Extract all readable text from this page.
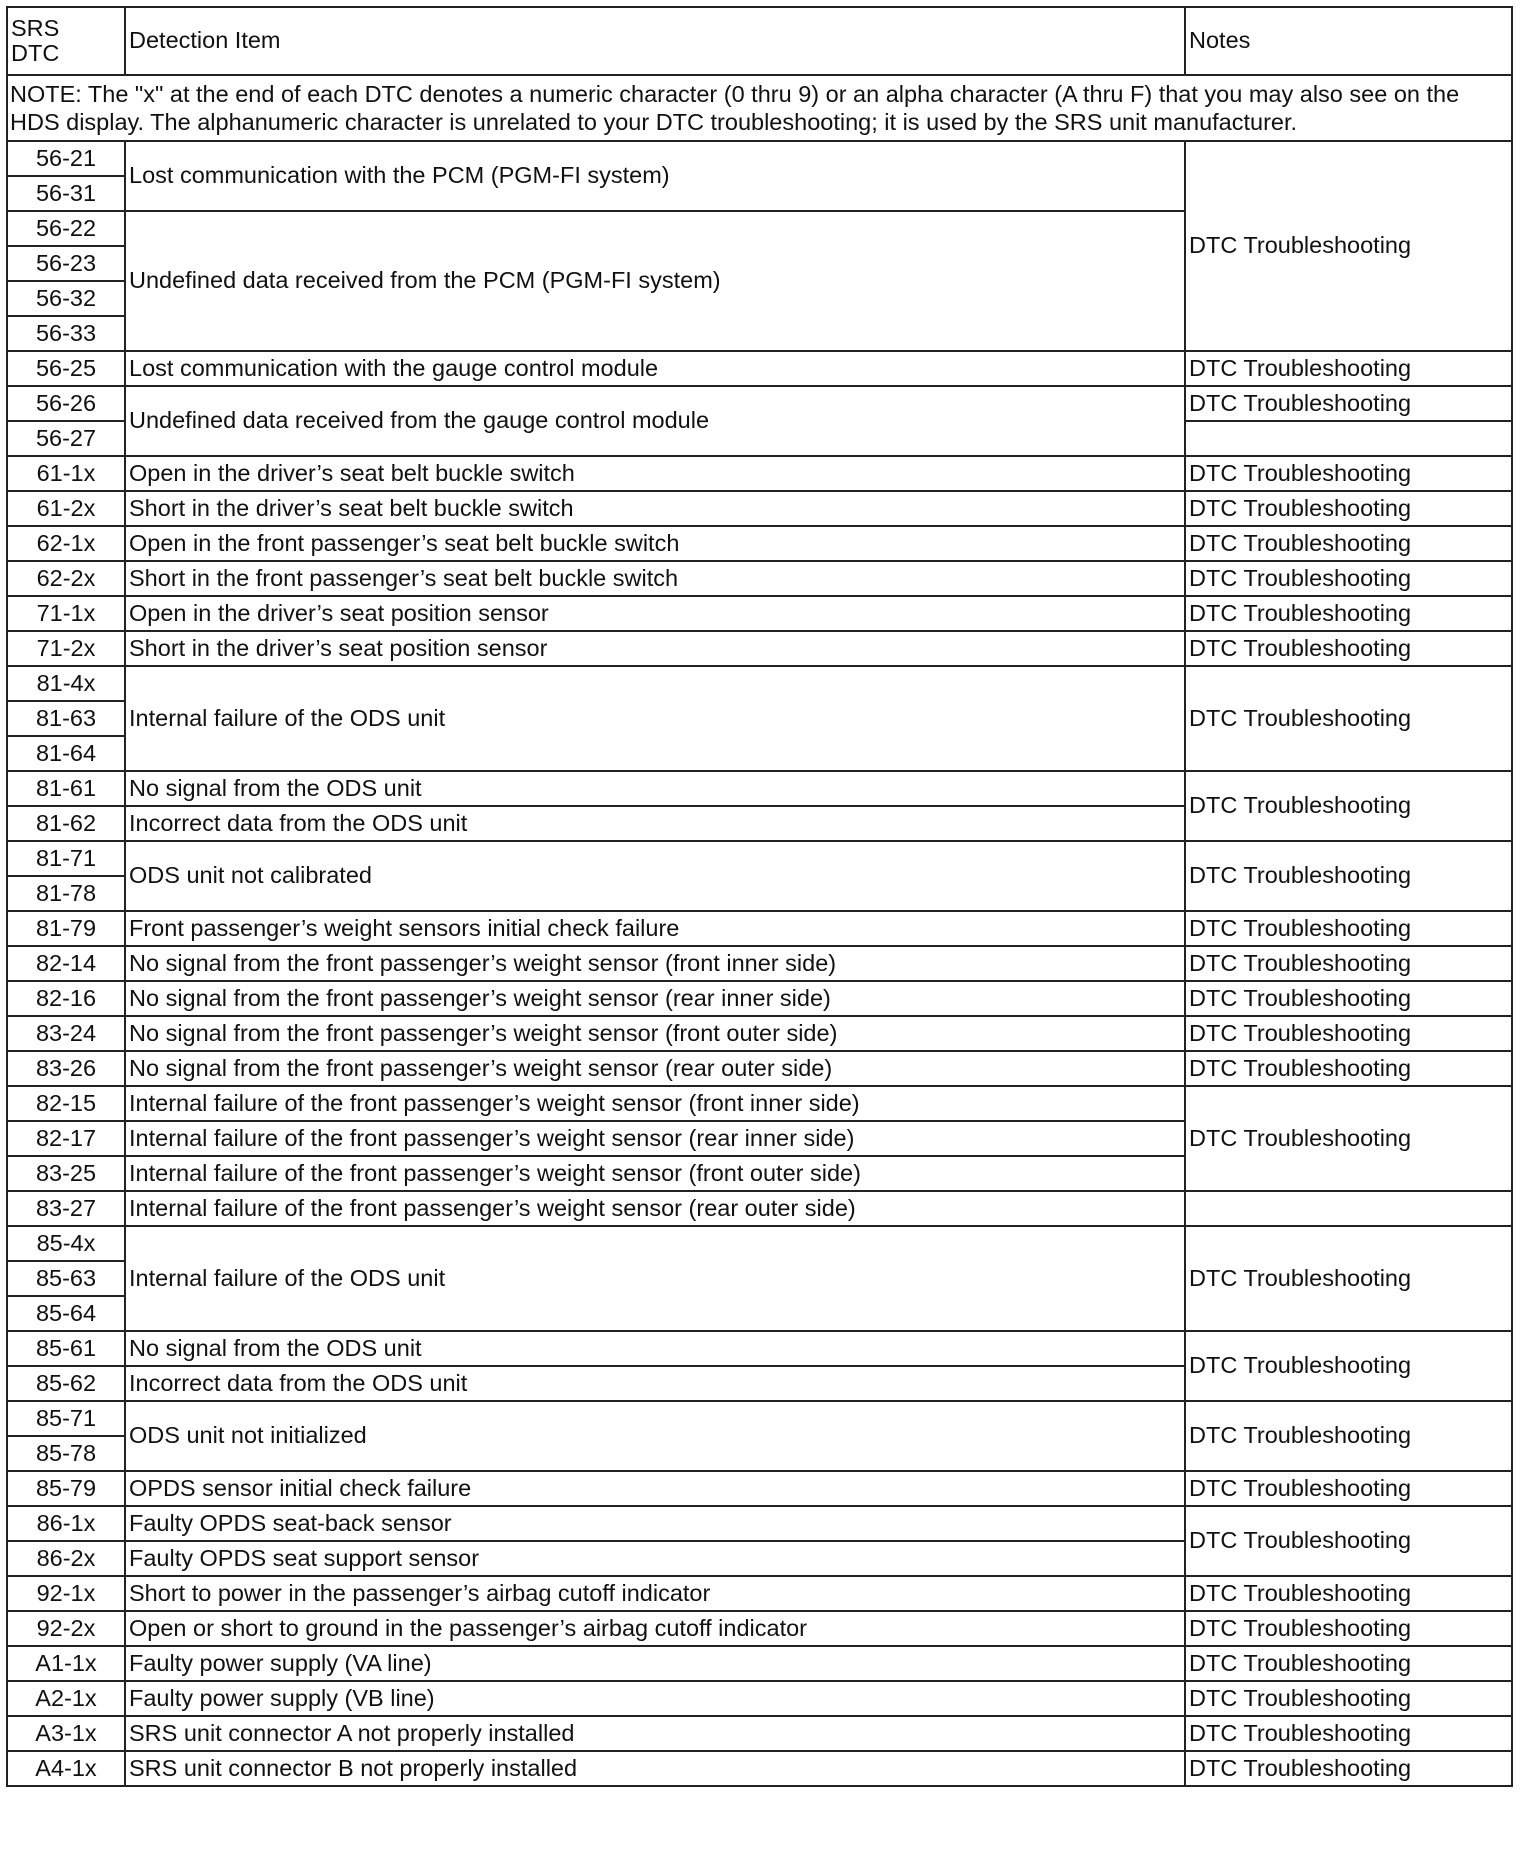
SRS
DTC	Detection Item	Notes
NOTE: The "x" at the end of each DTC denotes a numeric character (0 thru 9) or an alpha character (A thru F) that you may also see on the HDS display. The alphanumeric character is unrelated to your DTC troubleshooting; it is used by the SRS unit manufacturer.		
56-21	Lost communication with the PCM (PGM-FI system)	DTC Troubleshooting
56-31		
56-22	Undefined data received from the PCM (PGM-FI system)	
56-23		
56-32		
56-33		
56-25	Lost communication with the gauge control module	DTC Troubleshooting
56-26	Undefined data received from the gauge control module	DTC Troubleshooting
56-27		
61-1x	Open in the driver’s seat belt buckle switch	DTC Troubleshooting
61-2x	Short in the driver’s seat belt buckle switch	DTC Troubleshooting
62-1x	Open in the front passenger’s seat belt buckle switch	DTC Troubleshooting
62-2x	Short in the front passenger’s seat belt buckle switch	DTC Troubleshooting
71-1x	Open in the driver’s seat position sensor	DTC Troubleshooting
71-2x	Short in the driver’s seat position sensor	DTC Troubleshooting
81-4x	Internal failure of the ODS unit	DTC Troubleshooting
81-63		
81-64		
81-61	No signal from the ODS unit	DTC Troubleshooting
81-62	Incorrect data from the ODS unit	
81-71	ODS unit not calibrated	DTC Troubleshooting
81-78		
81-79	Front passenger’s weight sensors initial check failure	DTC Troubleshooting
82-14	No signal from the front passenger’s weight sensor (front inner side)	DTC Troubleshooting
82-16	No signal from the front passenger’s weight sensor (rear inner side)	DTC Troubleshooting
83-24	No signal from the front passenger’s weight sensor (front outer side)	DTC Troubleshooting
83-26	No signal from the front passenger’s weight sensor (rear outer side)	DTC Troubleshooting
82-15	Internal failure of the front passenger’s weight sensor (front inner side)	DTC Troubleshooting
82-17	Internal failure of the front passenger’s weight sensor (rear inner side)	
83-25	Internal failure of the front passenger’s weight sensor (front outer side)	
83-27	Internal failure of the front passenger’s weight sensor (rear outer side)	
85-4x	Internal failure of the ODS unit	DTC Troubleshooting
85-63		
85-64		
85-61	No signal from the ODS unit	DTC Troubleshooting
85-62	Incorrect data from the ODS unit	
85-71	ODS unit not initialized	DTC Troubleshooting
85-78		
85-79	OPDS sensor initial check failure	DTC Troubleshooting
86-1x	Faulty OPDS seat-back sensor	DTC Troubleshooting
86-2x	Faulty OPDS seat support sensor	
92-1x	Short to power in the passenger’s airbag cutoff indicator	DTC Troubleshooting
92-2x	Open or short to ground in the passenger’s airbag cutoff indicator	DTC Troubleshooting
A1-1x	Faulty power supply (VA line)	DTC Troubleshooting
A2-1x	Faulty power supply (VB line)	DTC Troubleshooting
A3-1x	SRS unit connector A not properly installed	DTC Troubleshooting
A4-1x	SRS unit connector B not properly installed	DTC Troubleshooting
